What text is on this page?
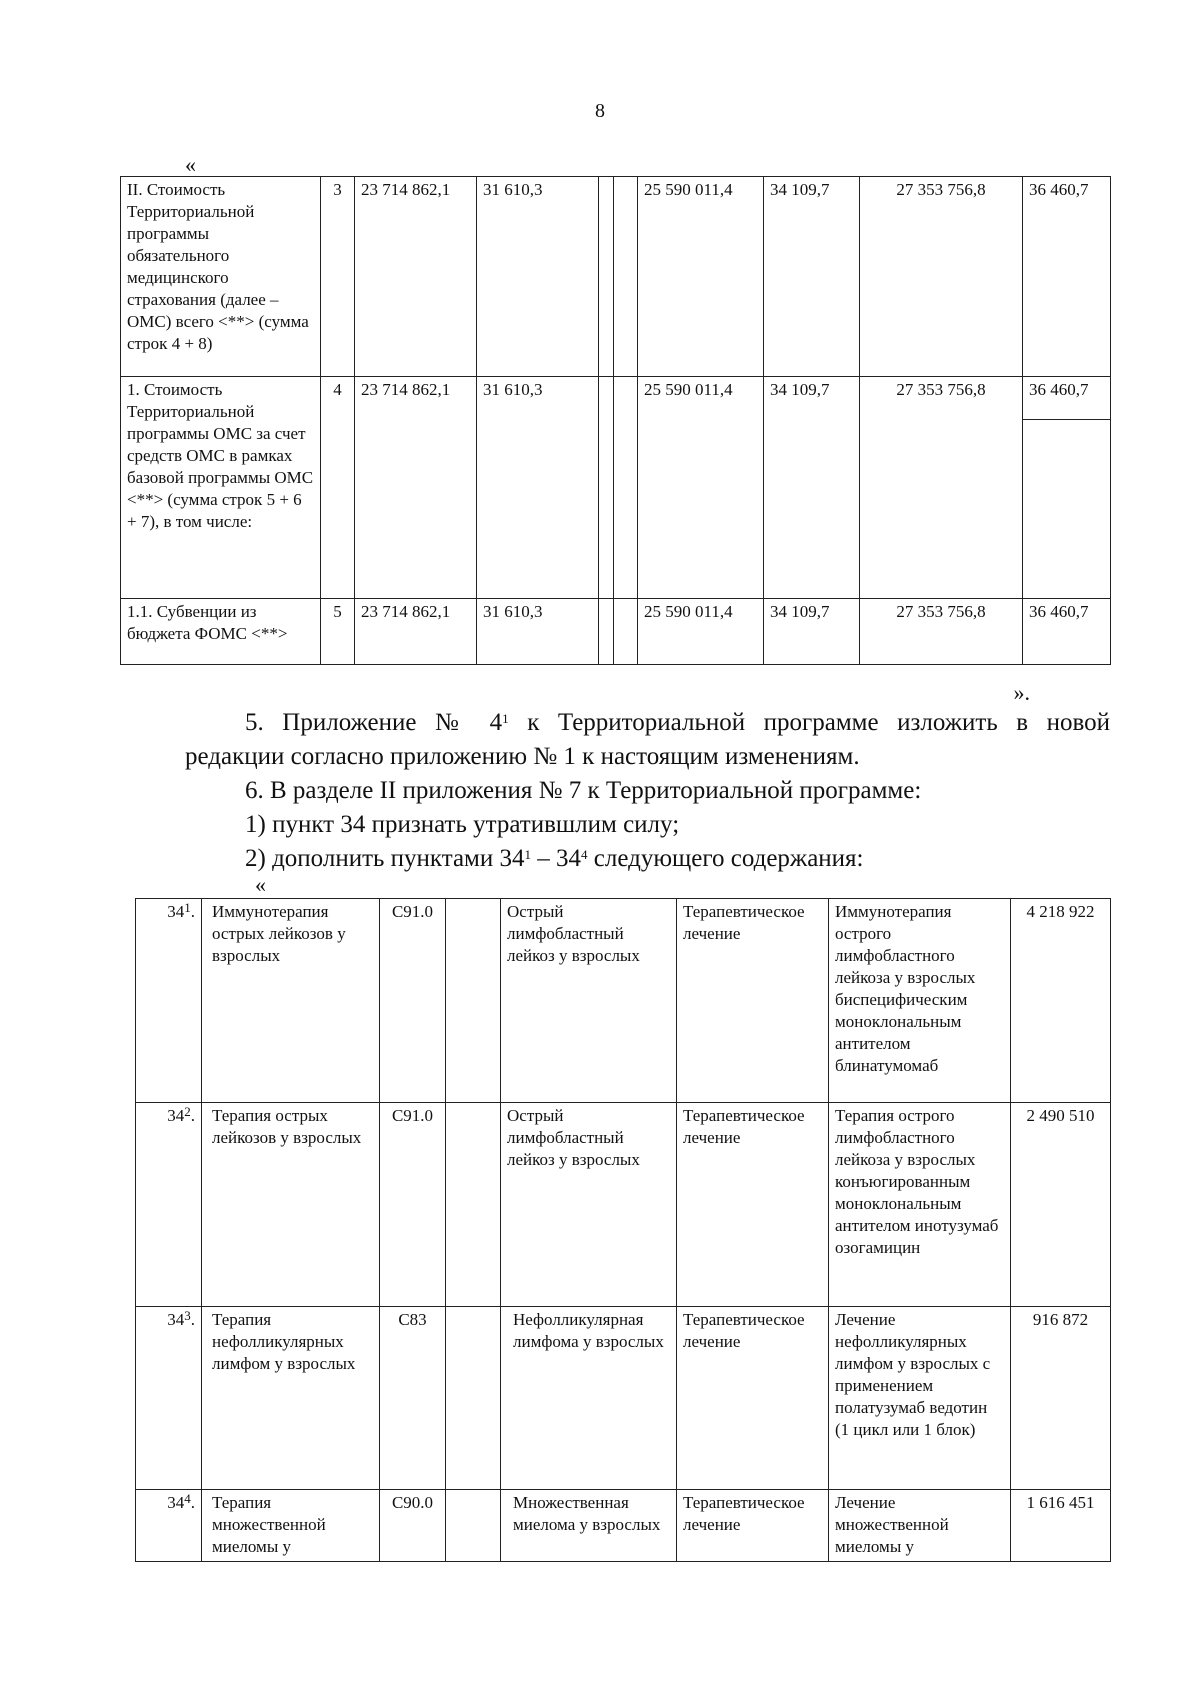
8
«
II. Стоимость Территориальной программы обязательного медицинского страхования (далее – ОМС) всего <**> (сумма строк 4 + 8)	3	23 714 862,1	31 610,3			25 590 011,4	34 109,7	27 353 756,8	36 460,7
1. Стоимость Территориальной программы ОМС за счет средств ОМС в рамках базовой программы ОМС <**> (сумма строк 5 + 6 + 7), в том числе:	4	23 714 862,1	31 610,3			25 590 011,4	34 109,7	27 353 756,8	36 460,7

1.1. Субвенции из бюджета ФОМС <**>	5	23 714 862,1	31 610,3			25 590 011,4	34 109,7	27 353 756,8	36 460,7
».
5. Приложение № $4^1$ к Территориальной программе изложить в новой
редакции согласно приложению № 1 к настоящим изменениям.
6. В разделе II приложения № 7 к Территориальной программе:
1) пункт 34 признать утратившлим силу;
2) дополнить пунктами $34^1 - 34^4$ следующего содержания:
«
$34^1$.	Иммунотерапия острых лейкозов у взрослых	C91.0		Острый лимфобластный лейкоз у взрослых	Терапевтическое лечение	Иммунотерапия острого лимфобластного лейкоза у взрослых биспецифическим моноклональным антителом блинатумомаб	4 218 922
$34^2$.	Терапия острых лейкозов у взрослых	C91.0		Острый лимфобластный лейкоз у взрослых	Терапевтическое лечение	Терапия острого лимфобластного лейкоза у взрослых конъюгированным моноклональным антителом инотузумаб озогамицин	2 490 510
$34^3$.	Терапия нефолликулярных лимфом у взрослых	C83		Нефолликулярная лимфома у взрослых	Терапевтическое лечение	Лечение нефолликулярных лимфом у взрослых с применением полатузумаб ведотин (1 цикл или 1 блок)	916 872
$34^4$.	Терапия множественной миеломы у	C90.0		Множественная миелома у взрослых	Терапевтическое лечение	Лечение множественной миеломы у	1 616 451
